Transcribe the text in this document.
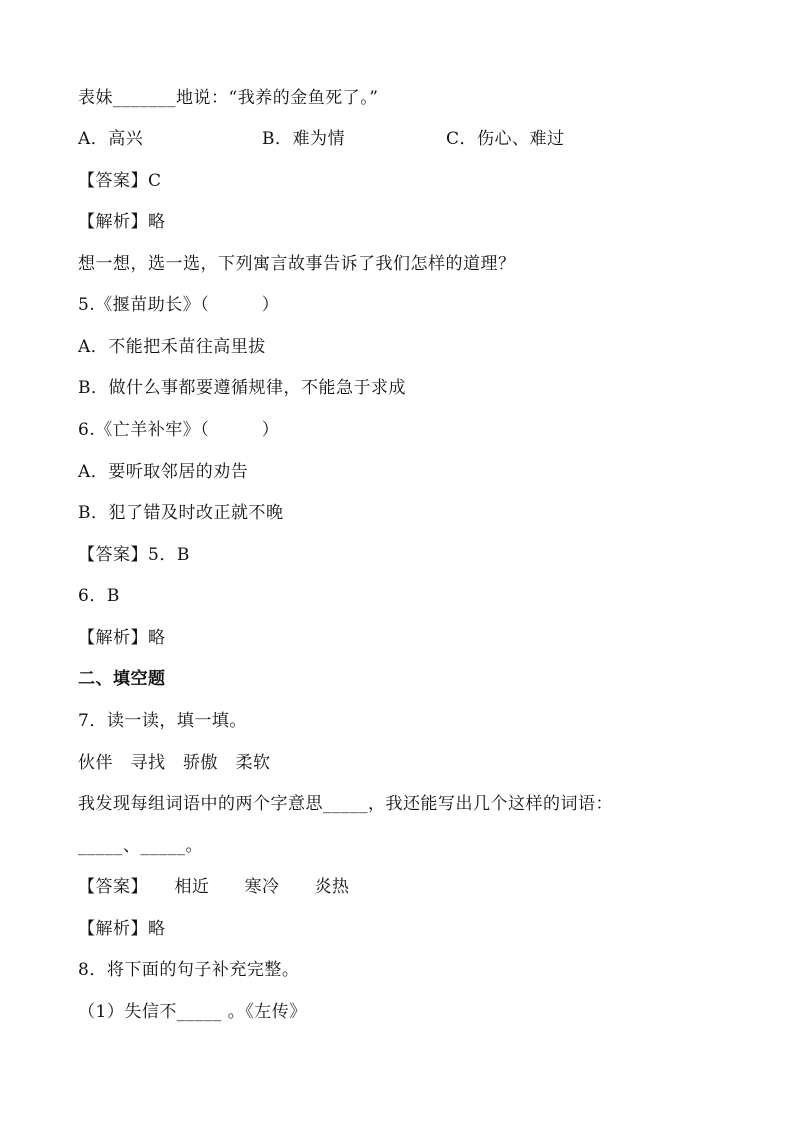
表妹_______地说：“我养的金鱼死了。”
A．高兴	B．难为情	C．伤心、难过
【答案】C
【解析】略
想一想，选一选，下列寓言故事告诉了我们怎样的道理？
5.《揠苗助长》（　　　）
A．不能把禾苗往高里拔
B．做什么事都要遵循规律，不能急于求成
6.《亡羊补牢》（　　　）
A．要听取邻居的劝告
B．犯了错及时改正就不晚
【答案】5．B
6．B
【解析】略
二、填空题
7．读一读，填一填。
伙伴　寻找　骄傲　柔软
我发现每组词语中的两个字意思_____，我还能写出几个这样的词语：
_____、_____。
【答案】　　相近　　寒冷　　炎热
【解析】略
8．将下面的句子补充完整。
（1）失信不_____ 。《左传》
